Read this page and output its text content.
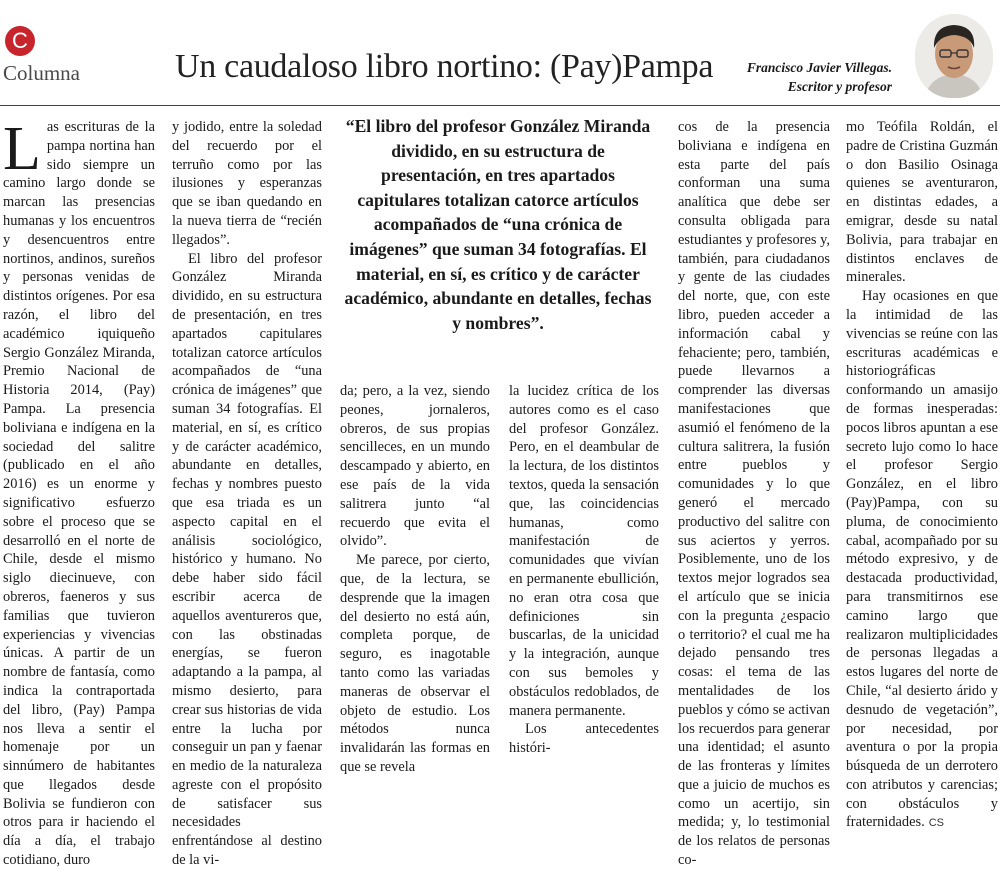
C
Columna	Un caudaloso libro nortino: (Pay)Pampa Francisco Javier Villegas.
Escritor y profesor

Las escrituras de la pampa nortina han sido siempre un camino largo donde se marcan las presencias humanas y los encuentros y desencuentros entre nortinos, andinos, sureños y personas venidas de distintos orígenes. Por esa razón, el libro del académico iquiqueño Sergio González Miranda, Premio Nacional de Historia 2014, (Pay) Pampa. La presencia boliviana e indígena en la sociedad del salitre (publicado en el año 2016) es un enorme y significativo esfuerzo sobre el proceso que se desarrolló en el norte de Chile, desde el mismo siglo diecinueve, con obreros, faeneros y sus familias que tuvieron experiencias y vivencias únicas. A partir de un nombre de fantasía, como indica la contraportada del libro, (Pay) Pampa nos lleva a sentir el homenaje por un sinnúmero de habitantes que llegados desde Bolivia se fundieron con otros para ir haciendo el día a día, el trabajo cotidiano, duro

y jodido, entre la soledad del recuerdo por el terruño como por las ilusiones y esperanzas que se iban quedando en la nueva tierra de “recién llegados”.

El libro del profesor González Miranda dividido, en su estructura de presentación, en tres apartados capitulares totalizan catorce artículos acompañados de “una crónica de imágenes” que suman 34 fotografías. El material, en sí, es crítico y de carácter académico, abundante en detalles, fechas y nombres puesto que esa triada es un aspecto capital en el análisis sociológico, histórico y humano. No debe haber sido fácil escribir acerca de aquellos aventureros que, con las obstinadas energías, se fueron adaptando a la pampa, al mismo desierto, para crear sus historias de vida entre la lucha por conseguir un pan y faenar en medio de la naturaleza agreste con el propósito de satisfacer sus necesidades enfrentándose al destino de la vi-

“El libro del profesor González Miranda dividido, en su estructura de presentación, en tres apartados capitulares totalizan catorce artículos acompañados de “una crónica de imágenes” que suman 34 fotografías. El material, en sí, es crítico y de carácter académico, abundante en detalles, fechas y nombres”.

da; pero, a la vez, siendo peones, jornaleros, obreros, de sus propias sencilleces, en un mundo descampado y abierto, en ese país de la vida salitrera junto “al recuerdo que evita el olvido”.

Me parece, por cierto, que, de la lectura, se desprende que la imagen del desierto no está aún, completa porque, de seguro, es inagotable tanto como las variadas maneras de observar el objeto de estudio. Los métodos nunca invalidarán las formas en que se revela

la lucidez crítica de los autores como es el caso del profesor González. Pero, en el deambular de la lectura, de los distintos textos, queda la sensación que, las coincidencias humanas, como manifestación de comunidades que vivían en permanente ebullición, no eran otra cosa que definiciones sin buscarlas, de la unicidad y la integración, aunque con sus bemoles y obstáculos redoblados, de manera permanente.

Los antecedentes históri-

cos de la presencia boliviana e indígena en esta parte del país conforman una suma analítica que debe ser consulta obligada para estudiantes y profesores y, también, para ciudadanos y gente de las ciudades del norte, que, con este libro, pueden acceder a información cabal y fehaciente; pero, también, puede llevarnos a comprender las diversas manifestaciones que asumió el fenómeno de la cultura salitrera, la fusión entre pueblos y comunidades y lo que generó el mercado productivo del salitre con sus aciertos y yerros. Posiblemente, uno de los textos mejor logrados sea el artículo que se inicia con la pregunta ¿espacio o territorio? el cual me ha dejado pensando tres cosas: el tema de las mentalidades de los pueblos y cómo se activan los recuerdos para generar una identidad; el asunto de las fronteras y límites que a juicio de muchos es como un acertijo, sin medida; y, lo testimonial de los relatos de personas co-

mo Teófila Roldán, el padre de Cristina Guzmán o don Basilio Osinaga quienes se aventuraron, en distintas edades, a emigrar, desde su natal Bolivia, para trabajar en distintos enclaves de minerales.

Hay ocasiones en que la intimidad de las vivencias se reúne con las escrituras académicas e historiográficas conformando un amasijo de formas inesperadas: pocos libros apuntan a ese secreto lujo como lo hace el profesor Sergio González, en el libro (Pay)Pampa, con su pluma, de conocimiento cabal, acompañado por su método expresivo, y de destacada productividad, para transmitirnos ese camino largo que realizaron multiplicidades de personas llegadas a estos lugares del norte de Chile, “al desierto árido y desnudo de vegetación”, por necesidad, por aventura o por la propia búsqueda de un derrotero con atributos y carencias; con obstáculos y fraternidades. CS
